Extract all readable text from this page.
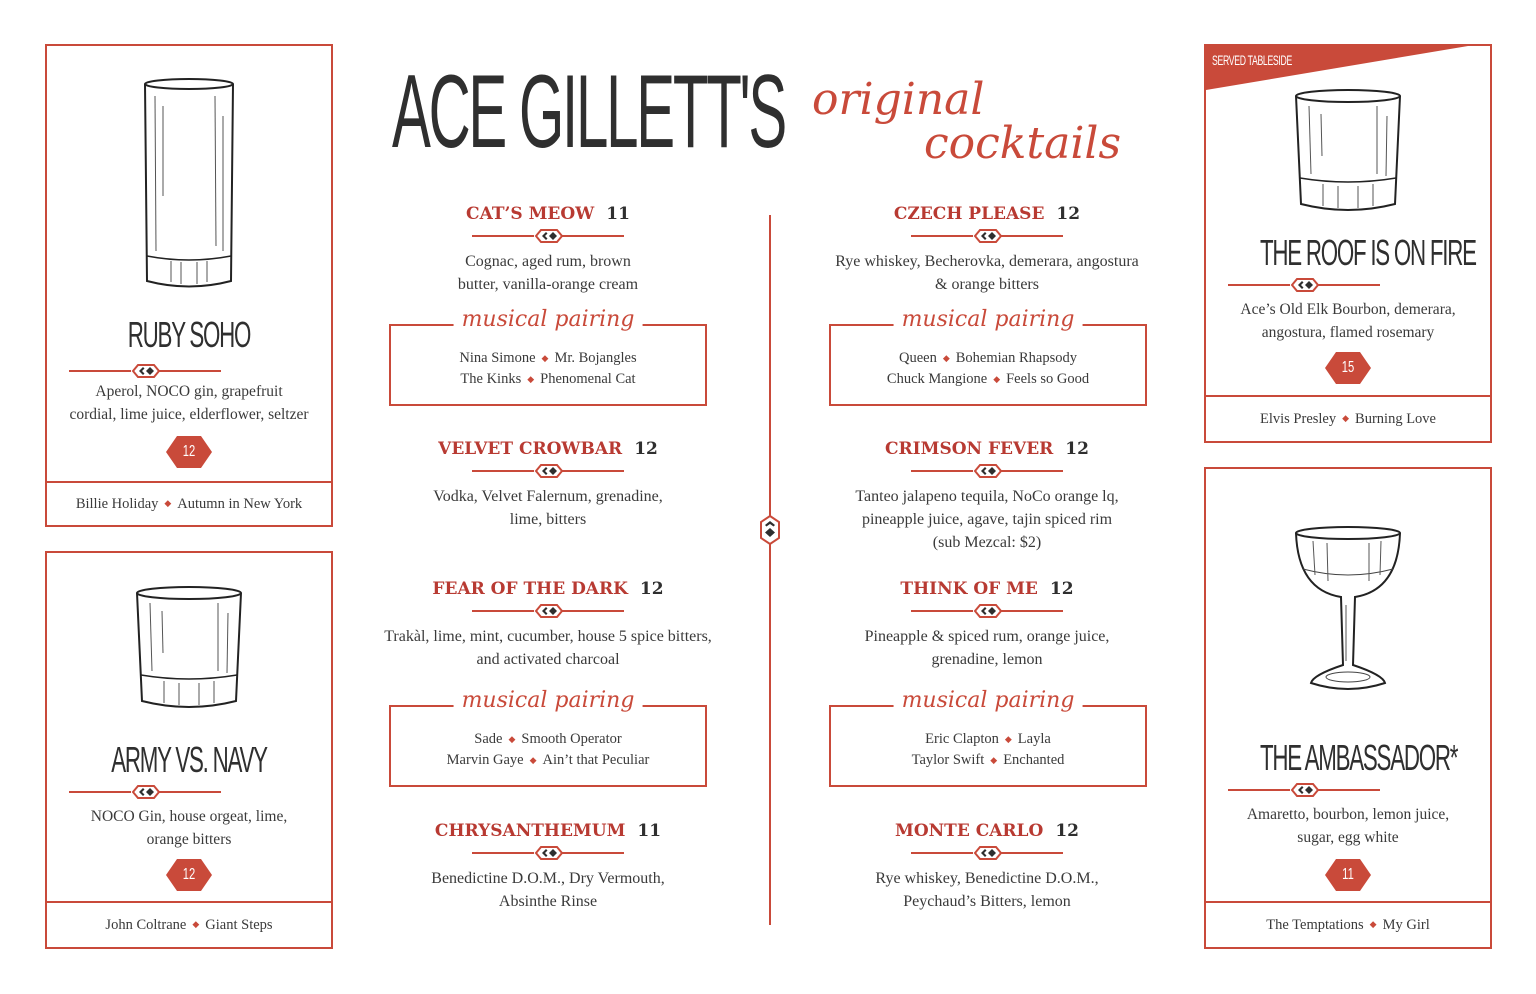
ACE GILLETT'S original
cocktails
RUBY SOHO
Aperol, NOCO gin, grapefruit
cordial, lime juice, elderflower, seltzer
12
Billie Holiday ◆ Autumn in New York
ARMY VS. NAVY
NOCO Gin, house orgeat, lime,
orange bitters
12
John Coltrane ◆ Giant Steps
SERVED TABLESIDE
THE ROOF IS ON FIRE
Ace’s Old Elk Bourbon, demerara,
angostura, flamed rosemary
15
Elvis Presley ◆ Burning Love
THE AMBASSADOR*
Amaretto, bourbon, lemon juice,
sugar, egg white
11
The Temptations ◆ My Girl
CAT’S MEOW 11
Cognac, aged rum, brown
butter, vanilla-orange cream
musical pairing
Nina Simone ◆ Mr. Bojangles
The Kinks ◆ Phenomenal Cat
VELVET CROWBAR 12
Vodka, Velvet Falernum, grenadine,
lime, bitters
FEAR OF THE DARK 12
Trakàl, lime, mint, cucumber, house 5 spice bitters,
and activated charcoal
musical pairing
Sade ◆ Smooth Operator
Marvin Gaye ◆ Ain’t that Peculiar
CHRYSANTHEMUM 11
Benedictine D.O.M., Dry Vermouth,
Absinthe Rinse
CZECH PLEASE 12
Rye whiskey, Becherovka, demerara, angostura
& orange bitters
musical pairing
Queen ◆ Bohemian Rhapsody
Chuck Mangione ◆ Feels so Good
CRIMSON FEVER 12
Tanteo jalapeno tequila, NoCo orange lq,
pineapple juice, agave, tajin spiced rim
(sub Mezcal: $2)
THINK OF ME 12
Pineapple & spiced rum, orange juice,
grenadine, lemon
musical pairing
Eric Clapton ◆ Layla
Taylor Swift ◆ Enchanted
MONTE CARLO 12
Rye whiskey, Benedictine D.O.M.,
Peychaud’s Bitters, lemon
